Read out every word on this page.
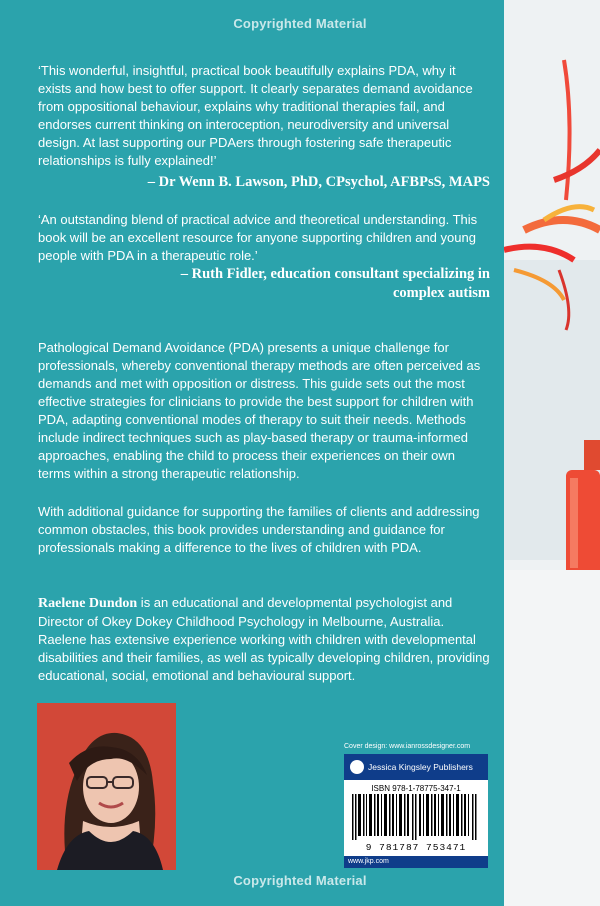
Copyrighted Material
‘This wonderful, insightful, practical book beautifully explains PDA, why it exists and how best to offer support. It clearly separates demand avoidance from oppositional behaviour, explains why traditional therapies fail, and endorses current thinking on interoception, neurodiversity and universal design. At last supporting our PDAers through fostering safe therapeutic relationships is fully explained!’
– Dr Wenn B. Lawson, PhD, CPsychol, AFBPsS, MAPS
‘An outstanding blend of practical advice and theoretical understanding. This book will be an excellent resource for anyone supporting children and young people with PDA in a therapeutic role.’
– Ruth Fidler, education consultant specializing in
complex autism
Pathological Demand Avoidance (PDA) presents a unique challenge for professionals, whereby conventional therapy methods are often perceived as demands and met with opposition or distress. This guide sets out the most effective strategies for clinicians to provide the best support for children with PDA, adapting conventional modes of therapy to suit their needs. Methods include indirect techniques such as play-based therapy or trauma-informed approaches, enabling the child to process their experiences on their own terms within a strong therapeutic relationship.
With additional guidance for supporting the families of clients and addressing common obstacles, this book provides understanding and guidance for professionals making a difference to the lives of children with PDA.
Raelene Dundon is an educational and developmental psychologist and Director of Okey Dokey Childhood Psychology in Melbourne, Australia. Raelene has extensive experience working with children with developmental disabilities and their families, as well as typically developing children, providing educational, social, emotional and behavioural support.
Cover design: www.ianrossdesigner.com
Jessica Kingsley Publishers
ISBN 978-1-78775-347-1
9 781787 753471
www.jkp.com
Copyrighted Material
